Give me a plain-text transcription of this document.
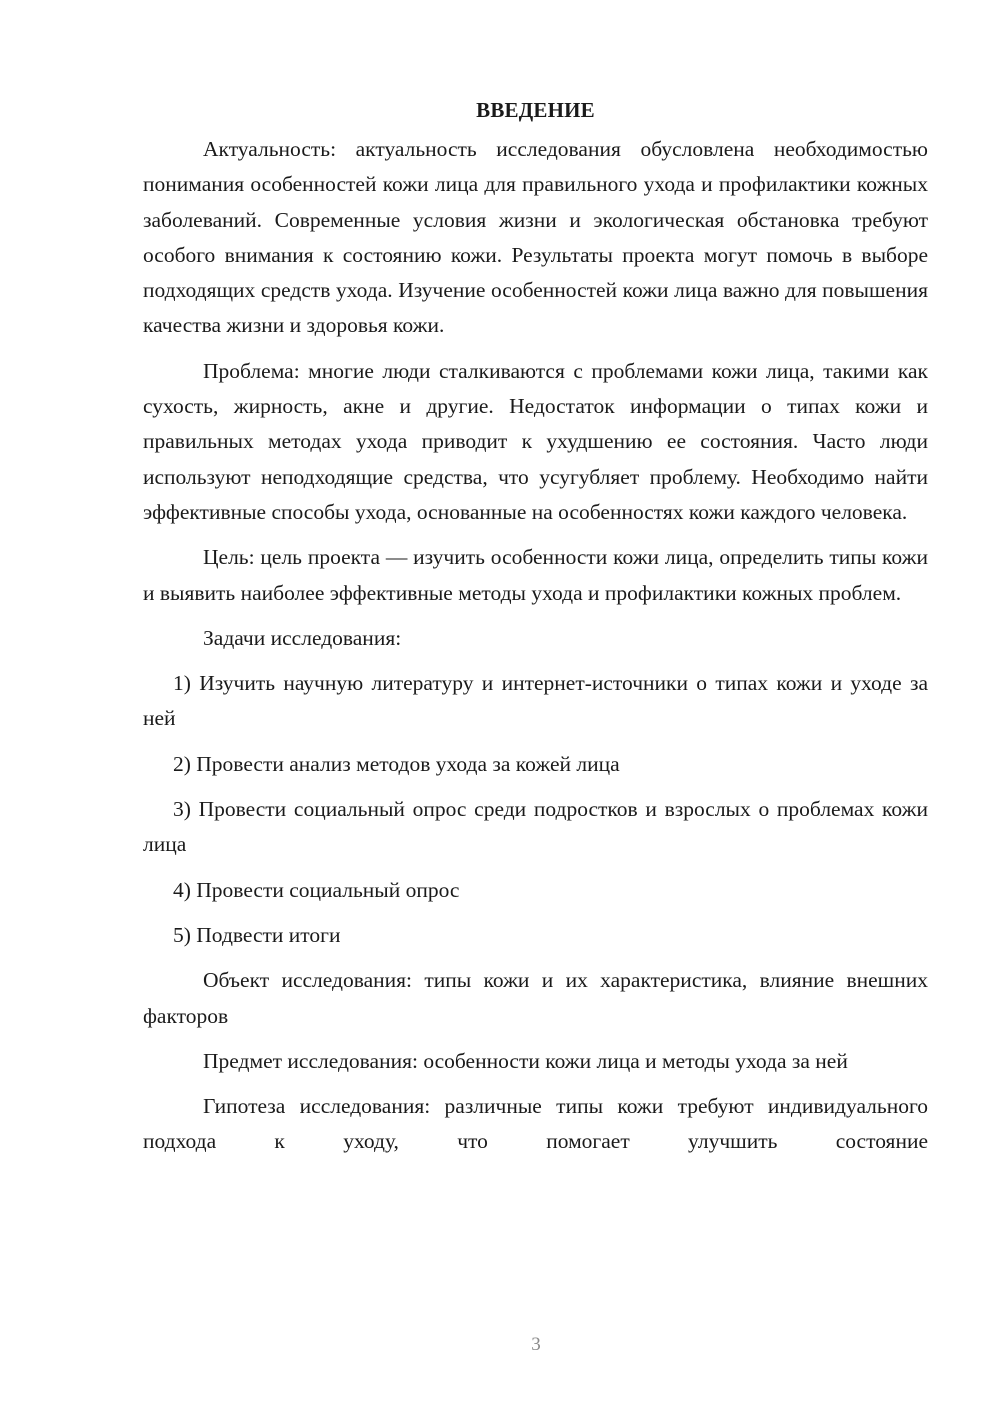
ВВЕДЕНИЕ

Актуальность: актуальность исследования обусловлена необходимостью понимания особенностей кожи лица для правильного ухода и профилактики кожных заболеваний. Современные условия жизни и экологическая обстановка требуют особого внимания к состоянию кожи. Результаты проекта могут помочь в выборе подходящих средств ухода. Изучение особенностей кожи лица важно для повышения качества жизни и здоровья кожи.

Проблема: многие люди сталкиваются с проблемами кожи лица, такими как сухость, жирность, акне и другие. Недостаток информации о типах кожи и правильных методах ухода приводит к ухудшению ее состояния. Часто люди используют неподходящие средства, что усугубляет проблему. Необходимо найти эффективные способы ухода, основанные на особенностях кожи каждого человека.

Цель: цель проекта — изучить особенности кожи лица, определить типы кожи и выявить наиболее эффективные методы ухода и профилактики кожных проблем.

Задачи исследования:

1) Изучить научную литературу и интернет-источники о типах кожи и уходе за ней

2) Провести анализ методов ухода за кожей лица

3) Провести социальный опрос среди подростков и взрослых о проблемах кожи лица

4) Провести социальный опрос

5) Подвести итоги

Объект исследования: типы кожи и их характеристика, влияние внешних факторов

Предмет исследования: особенности кожи лица и методы ухода за ней

Гипотеза исследования: различные типы кожи требуют индивидуального подхода к уходу, что помогает улучшить состояние

3
